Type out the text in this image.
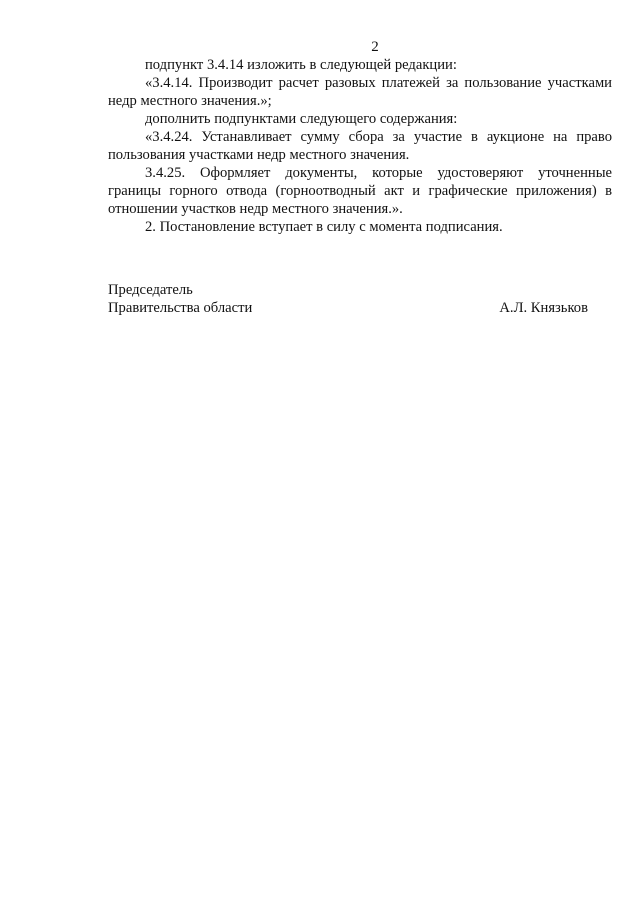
2

подпункт 3.4.14 изложить в следующей редакции:

«3.4.14. Производит расчет разовых платежей за пользование участками недр местного значения.»;

дополнить подпунктами следующего содержания:

«3.4.24. Устанавливает сумму сбора за участие в аукционе на право пользования участками недр местного значения.

3.4.25. Оформляет документы, которые удостоверяют уточненные границы горного отвода (горноотводный акт и графические приложения) в отношении участков недр местного значения.».

2. Постановление вступает в силу с момента подписания.

Председатель
Правительства области	А.Л. Князьков
